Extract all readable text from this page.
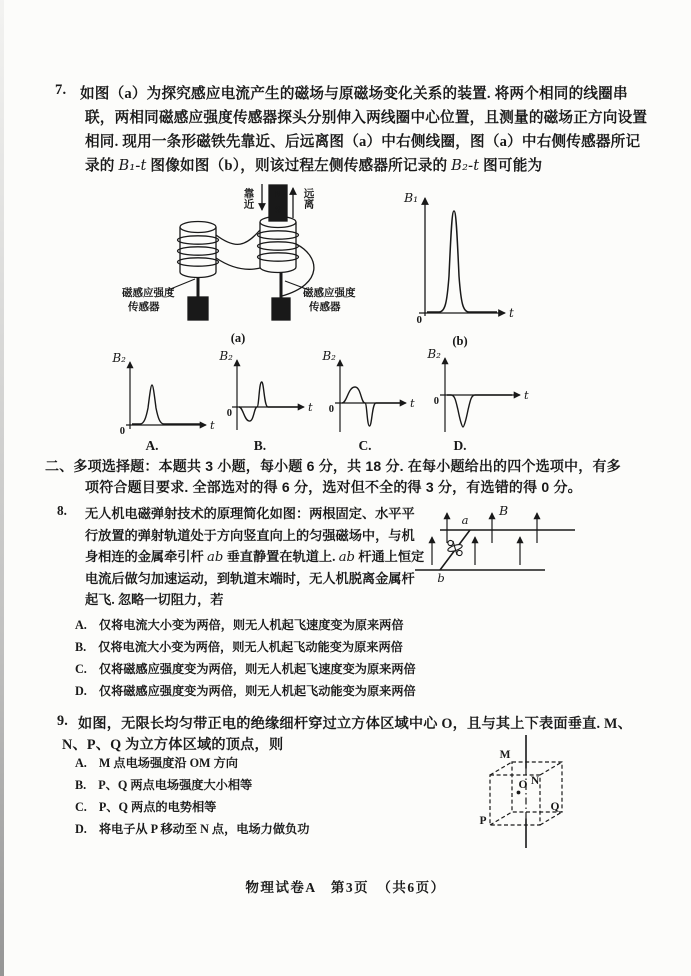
7. 如图（a）为探究感应电流产生的磁场与原磁场变化关系的装置. 将两个相同的线圈串
联，两相同磁感应强度传感器探头分别伸入两线圈中心位置，且测量的磁场正方向设置
相同. 现用一条形磁铁先靠近、后远离图（a）中右侧线圈，图（a）中右侧传感器所记
录的 B₁-t 图像如图（b），则该过程左侧传感器所记录的 B₂-t 图可能为
N
S
靠近	远离
磁感应强度
传感器
磁感应强度
传感器
(a)
B₁
t
0
(b)
B₂
t
0
A.
B₂
t
0
B.
B₂
t
0
C.
B₂
t
0
D.
二、多项选择题：本题共 3 小题，每小题 6 分，共 18 分. 在每小题给出的四个选项中，有多
项符合题目要求. 全部选对的得 6 分，选对但不全的得 3 分，有选错的得 0 分。
8. 无人机电磁弹射技术的原理简化如图：两根固定、水平平
行放置的弹射轨道处于方向竖直向上的匀强磁场中，与机
身相连的金属牵引杆 ab 垂直静置在轨道上. ab 杆通上恒定
电流后做匀加速运动，到轨道末端时，无人机脱离金属杆
起飞. 忽略一切阻力，若
A. 仅将电流大小变为两倍，则无人机起飞速度变为原来两倍
B. 仅将电流大小变为两倍，则无人机起飞动能变为原来两倍
C. 仅将磁感应强度变为两倍，则无人机起飞速度变为原来两倍
D. 仅将磁感应强度变为两倍，则无人机起飞动能变为原来两倍
B
a
b
9. 如图，无限长均匀带正电的绝缘细杆穿过立方体区域中心 O，且与其上下表面垂直. M、
N、P、Q 为立方体区域的顶点，则
A. M 点电场强度沿 OM 方向
B. P、Q 两点电场强度大小相等
C. P、Q 两点的电势相等
D. 将电子从 P 移动至 N 点，电场力做负功
M
N
O
Q
P
物理试卷A　第3页　（共6页）
